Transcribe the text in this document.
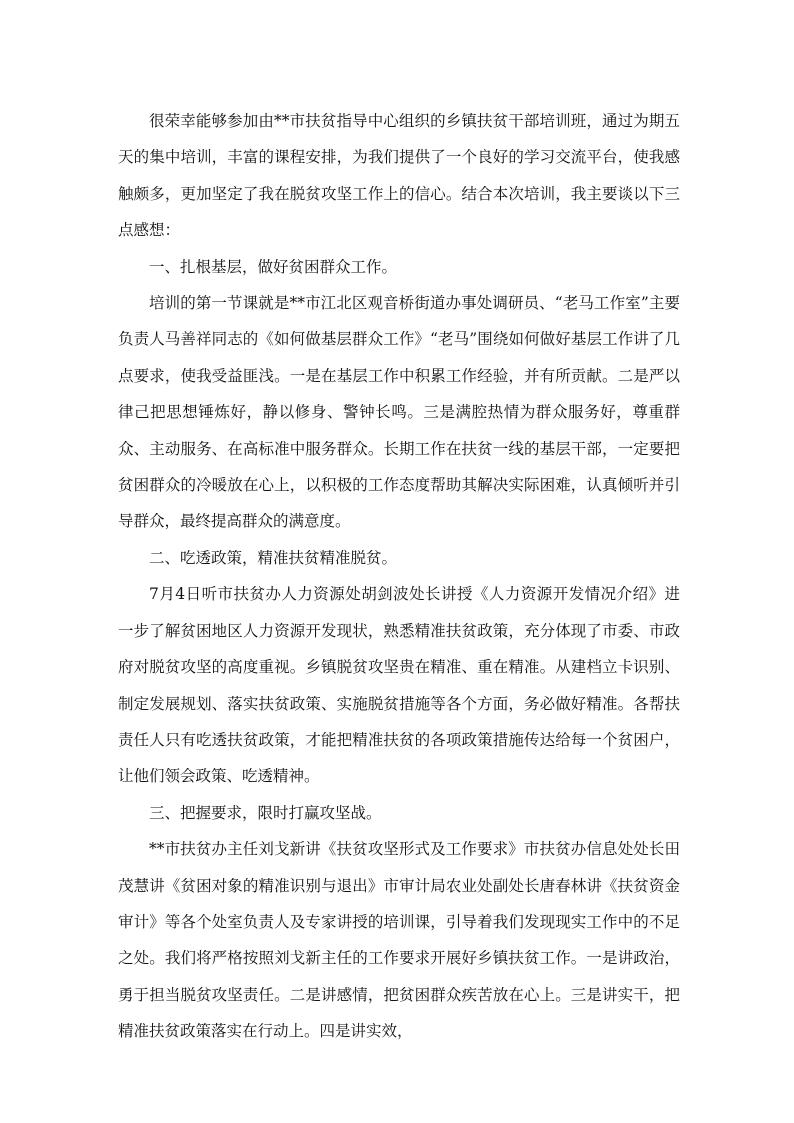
很荣幸能够参加由**市扶贫指导中心组织的乡镇扶贫干部培训班，通过为期五天的集中培训，丰富的课程安排，为我们提供了一个良好的学习交流平台，使我感触颇多，更加坚定了我在脱贫攻坚工作上的信心。结合本次培训，我主要谈以下三点感想：

一、扎根基层，做好贫困群众工作。

培训的第一节课就是**市江北区观音桥街道办事处调研员、“老马工作室”主要负责人马善祥同志的《如何做基层群众工作》“老马”围绕如何做好基层工作讲了几点要求，使我受益匪浅。一是在基层工作中积累工作经验，并有所贡献。二是严以律己把思想锤炼好，静以修身、警钟长鸣。三是满腔热情为群众服务好，尊重群众、主动服务、在高标准中服务群众。长期工作在扶贫一线的基层干部，一定要把贫困群众的冷暖放在心上，以积极的工作态度帮助其解决实际困难，认真倾听并引导群众，最终提高群众的满意度。

二、吃透政策，精准扶贫精准脱贫。

7月4日听市扶贫办人力资源处胡剑波处长讲授《人力资源开发情况介绍》进一步了解贫困地区人力资源开发现状，熟悉精准扶贫政策，充分体现了市委、市政府对脱贫攻坚的高度重视。乡镇脱贫攻坚贵在精准、重在精准。从建档立卡识别、制定发展规划、落实扶贫政策、实施脱贫措施等各个方面，务必做好精准。各帮扶责任人只有吃透扶贫政策，才能把精准扶贫的各项政策措施传达给每一个贫困户，让他们领会政策、吃透精神。

三、把握要求，限时打赢攻坚战。

**市扶贫办主任刘戈新讲《扶贫攻坚形式及工作要求》市扶贫办信息处处长田茂慧讲《贫困对象的精准识别与退出》市审计局农业处副处长唐春林讲《扶贫资金审计》等各个处室负责人及专家讲授的培训课，引导着我们发现现实工作中的不足之处。我们将严格按照刘戈新主任的工作要求开展好乡镇扶贫工作。一是讲政治，勇于担当脱贫攻坚责任。二是讲感情，把贫困群众疾苦放在心上。三是讲实干，把精准扶贫政策落实在行动上。四是讲实效，
